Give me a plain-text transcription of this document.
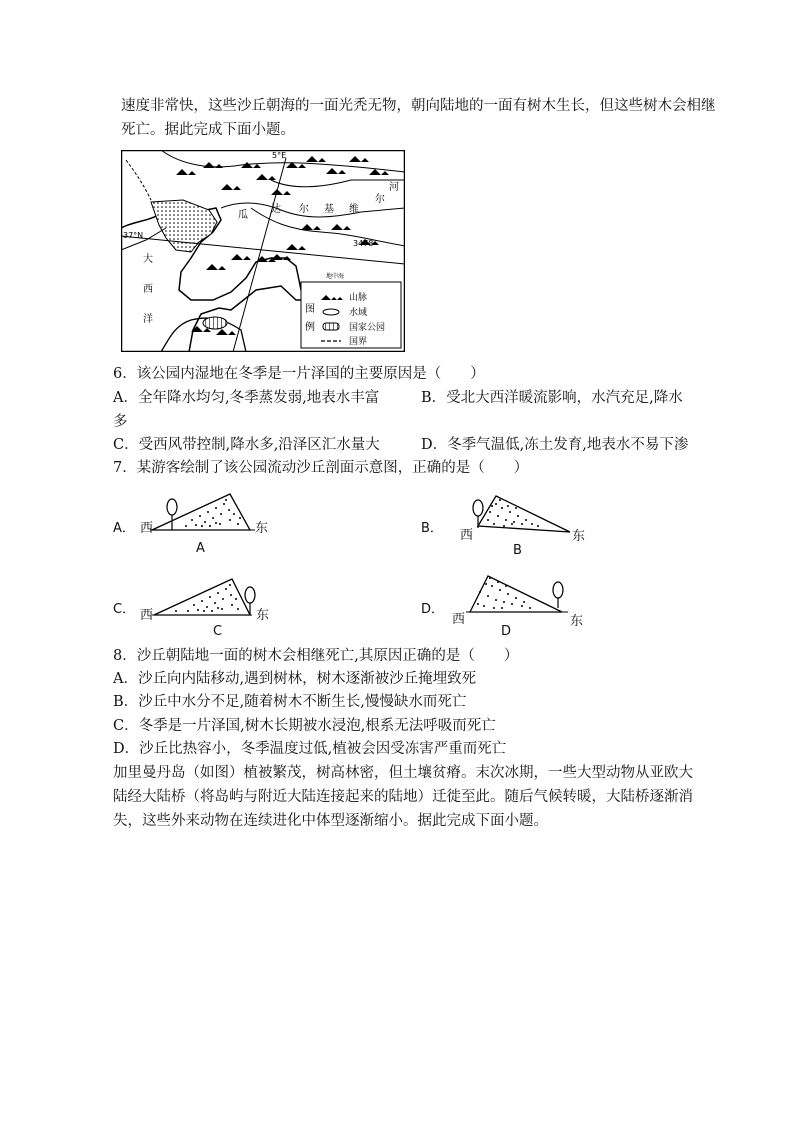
速度非常快，这些沙丘朝海的一面光秃无物，朝向陆地的一面有树木生长，但这些树木会相继
死亡。据此完成下面小题。
5°E
37°N
3478
河
尔
瓜
达 尔 基 维
大
西
洋
地中海
图
例
山脉
水域
国家公园
国界
6．该公园内湿地在冬季是一片泽国的主要原因是（　　）
A．全年降水均匀,冬季蒸发弱,地表水丰富	B．受北大西洋暖流影响，水汽充足,降水
多
C．受西风带控制,降水多,沿泽区汇水量大	D．冬季气温低,冻土发育,地表水不易下渗
7．某游客绘制了该公园流动沙丘剖面示意图，正确的是（　　）
A． 西	东
A
B． 西	东
B
C． 西	东
C
D．
西	东
D
8．沙丘朝陆地一面的树木会相继死亡,其原因正确的是（　　）
A．沙丘向内陆移动,遇到树林，树木逐渐被沙丘掩埋致死
B．沙丘中水分不足,随着树木不断生长,慢慢缺水而死亡
C．冬季是一片泽国,树木长期被水浸泡,根系无法呼吸而死亡
D．沙丘比热容小，冬季温度过低,植被会因受冻害严重而死亡
加里曼丹岛（如图）植被繁茂，树高林密，但土壤贫瘠。末次冰期，一些大型动物从亚欧大
陆经大陆桥（将岛屿与附近大陆连接起来的陆地）迁徙至此。随后气候转暖，大陆桥逐渐消
失，这些外来动物在连续进化中体型逐渐缩小。据此完成下面小题。
